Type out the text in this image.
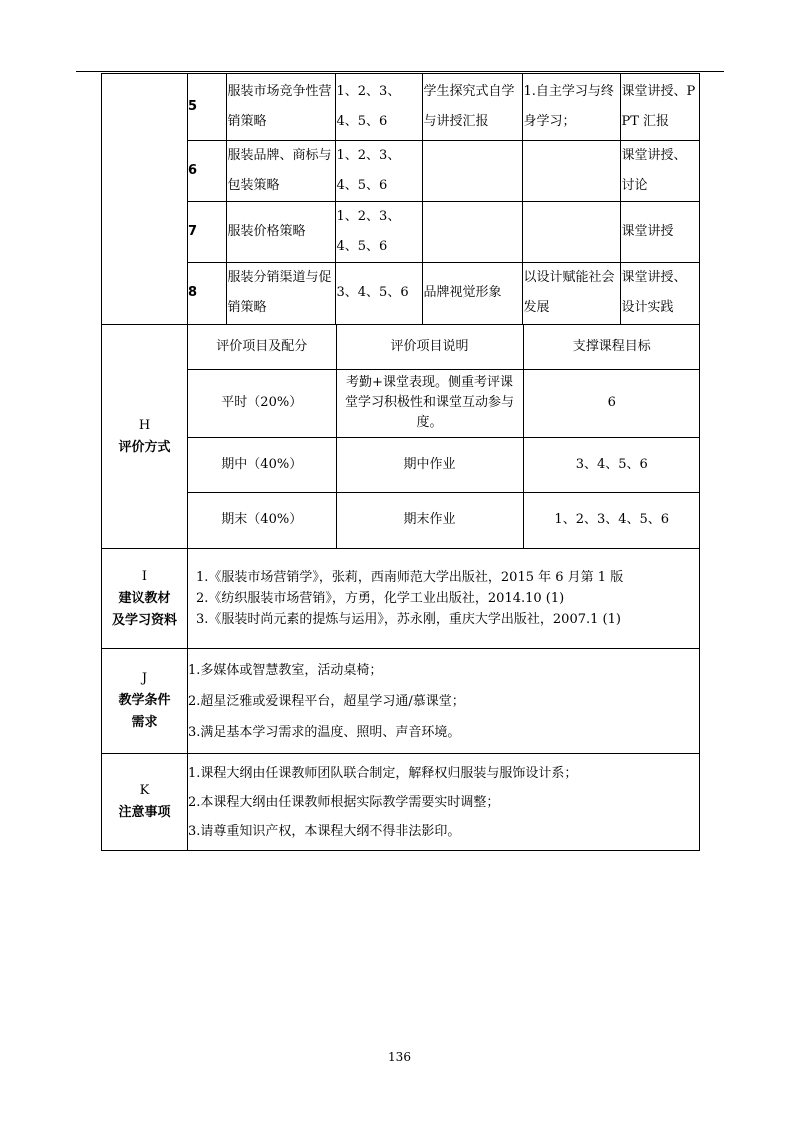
5	服装市场竞争性营销策略	1、2、3、4、5、6	学生探究式自学与讲授汇报	1.自主学习与终身学习；	课堂讲授、PPT 汇报
6	服装品牌、商标与包装策略	1、2、3、4、5、6			课堂讲授、讨论
7	服装价格策略	1、2、3、4、5、6			课堂讲授
8	服装分销渠道与促销策略	3、4、5、6	品牌视觉形象	以设计赋能社会发展	课堂讲授、设计实践

H
评价方式

评价项目及配分	评价项目说明	支撑课程目标
平时（20%）	考勤+课堂表现。侧重考评课堂学习积极性和课堂互动参与度。	6
期中（40%）	期中作业	3、4、5、6
期末（40%）	期末作业	1、2、3、4、5、6

I
建议教材
及学习资料

1.《服装市场营销学》，张莉，西南师范大学出版社，2015 年 6 月第 1 版
2.《纺织服装市场营销》，方勇，化学工业出版社，2014.10 (1)
3.《服装时尚元素的提炼与运用》，苏永刚，重庆大学出版社，2007.1 (1)

J
教学条件
需求

1.多媒体或智慧教室，活动桌椅；
2.超星泛雅或爱课程平台，超星学习通/慕课堂；
3.满足基本学习需求的温度、照明、声音环境。

K
注意事项

1.课程大纲由任课教师团队联合制定，解释权归服装与服饰设计系；
2.本课程大纲由任课教师根据实际教学需要实时调整；
3.请尊重知识产权，本课程大纲不得非法影印。
136
